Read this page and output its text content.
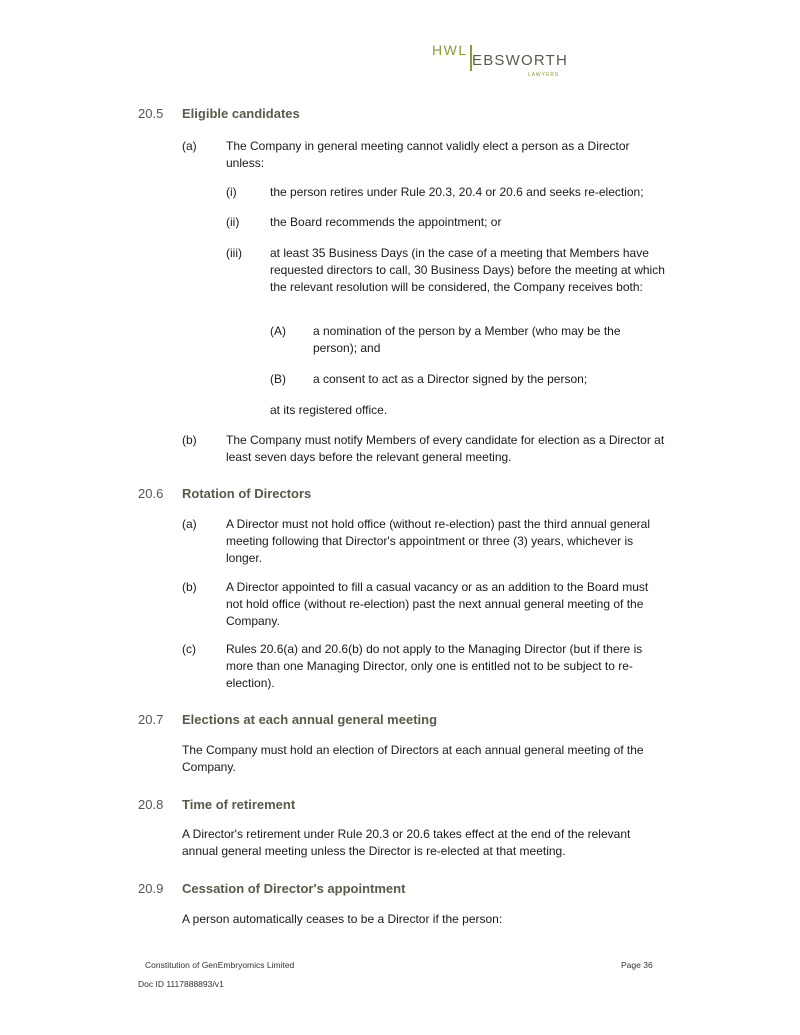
HWL
EBSWORTH
LAWYERS
20.5 Eligible candidates
(a) The Company in general meeting cannot validly elect a person as a Director unless:
(i)	the person retires under Rule 20.3, 20.4 or 20.6 and seeks re-election;
(ii)	the Board recommends the appointment; or
(iii) at least 35 Business Days (in the case of a meeting that Members have requested directors to call, 30 Business Days) before the meeting at which the relevant resolution will be considered, the Company receives both:
(A) a nomination of the person by a Member (who may be the person); and
(B) a consent to act as a Director signed by the person;
at its registered office.
(b) The Company must notify Members of every candidate for election as a Director at least seven days before the relevant general meeting.
20.6 Rotation of Directors
(a) A Director must not hold office (without re-election) past the third annual general meeting following that Director's appointment or three (3) years, whichever is longer.
(b) A Director appointed to fill a casual vacancy or as an addition to the Board must not hold office (without re-election) past the next annual general meeting of the Company.
(c)	Rules 20.6(a) and 20.6(b) do not apply to the Managing Director (but if there is more than one Managing Director, only one is entitled not to be subject to re-election).
20.7 Elections at each annual general meeting
The Company must hold an election of Directors at each annual general meeting of the Company.
20.8 Time of retirement
A Director's retirement under Rule 20.3 or 20.6 takes effect at the end of the relevant annual general meeting unless the Director is re-elected at that meeting.
20.9 Cessation of Director's appointment
A person automatically ceases to be a Director if the person:
Constitution of GenEmbryomics Limited	Page 36
Doc ID 1117888893/v1
